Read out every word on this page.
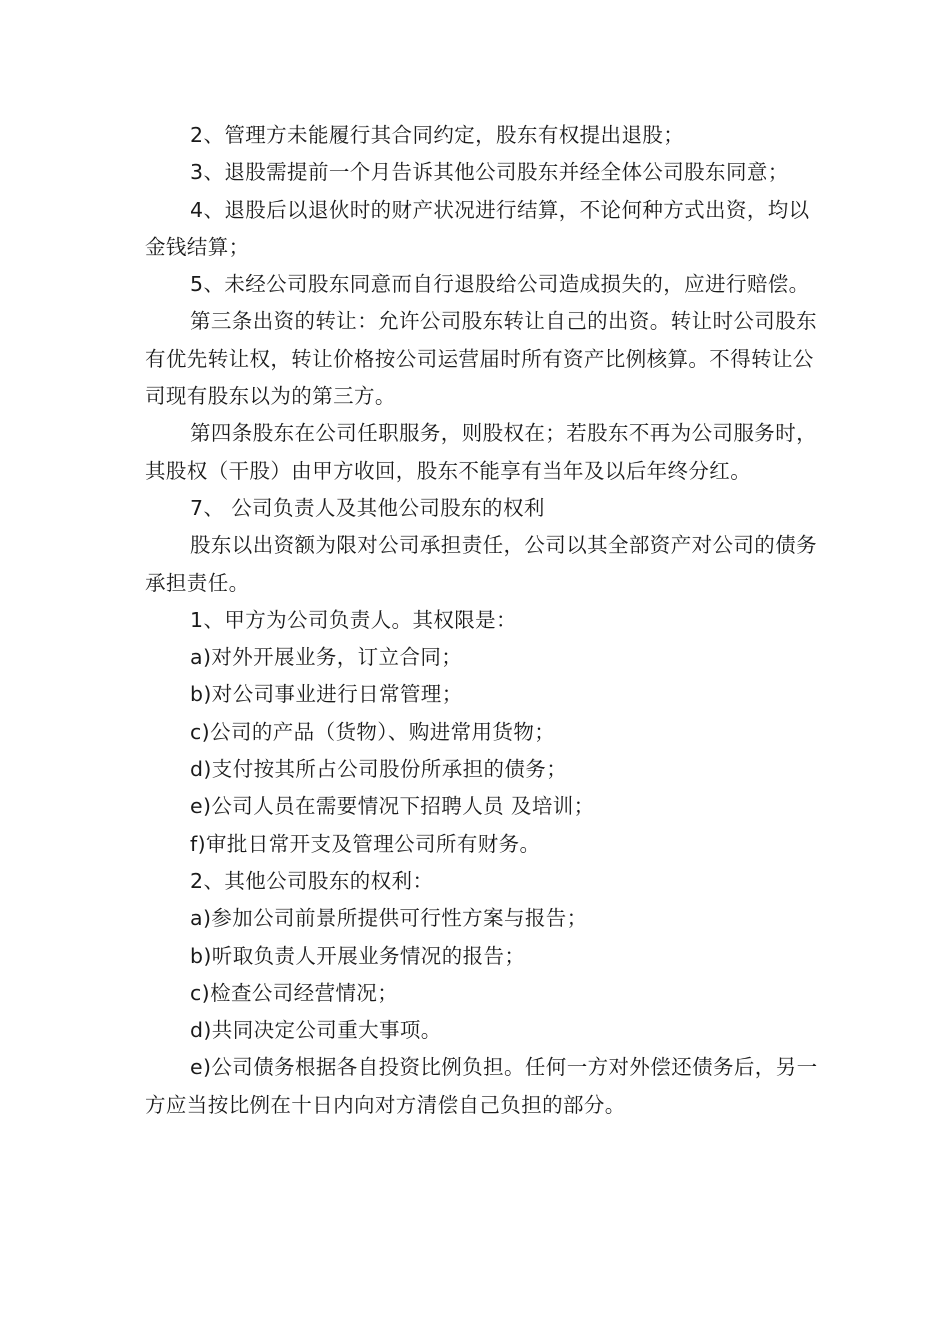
2、管理方未能履行其合同约定，股东有权提出退股；

3、退股需提前一个月告诉其他公司股东并经全体公司股东同意；

4、退股后以退伙时的财产状况进行结算，不论何种方式出资，均以金钱结算；

5、未经公司股东同意而自行退股给公司造成损失的，应进行赔偿。

第三条出资的转让：允许公司股东转让自己的出资。转让时公司股东有优先转让权，转让价格按公司运营届时所有资产比例核算。不得转让公司现有股东以为的第三方。

第四条股东在公司任职服务，则股权在；若股东不再为公司服务时，其股权（干股）由甲方收回，股东不能享有当年及以后年终分红。

7、 公司负责人及其他公司股东的权利

股东以出资额为限对公司承担责任，公司以其全部资产对公司的债务承担责任。

1、甲方为公司负责人。其权限是：

a)对外开展业务，订立合同；

b)对公司事业进行日常管理；

c)公司的产品（货物）、购进常用货物；

d)支付按其所占公司股份所承担的债务；

e)公司人员在需要情况下招聘人员 及培训；

f)审批日常开支及管理公司所有财务。

2、其他公司股东的权利：

a)参加公司前景所提供可行性方案与报告；

b)听取负责人开展业务情况的报告；

c)检查公司经营情况；

d)共同决定公司重大事项。

e)公司债务根据各自投资比例负担。任何一方对外偿还债务后，另一方应当按比例在十日内向对方清偿自己负担的部分。
